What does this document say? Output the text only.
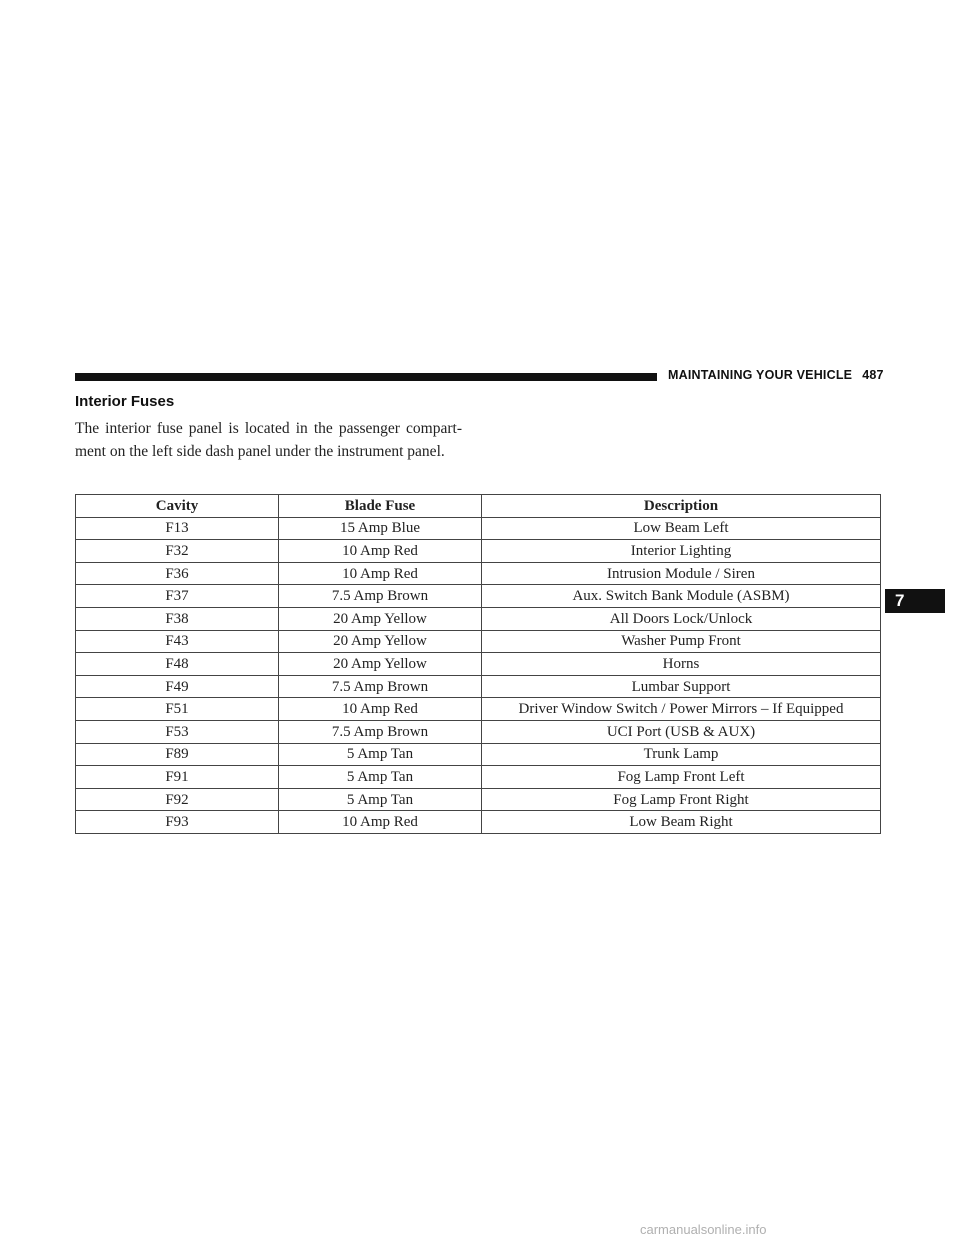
MAINTAINING YOUR VEHICLE 487
Interior Fuses

The interior fuse panel is located in the passenger compart-ment on the left side dash panel under the instrument panel.

Cavity	Blade Fuse	Description
F13	15 Amp Blue	Low Beam Left
F32	10 Amp Red	Interior Lighting
F36	10 Amp Red	Intrusion Module / Siren
F37	7.5 Amp Brown	Aux. Switch Bank Module (ASBM)
F38	20 Amp Yellow	All Doors Lock/Unlock
F43	20 Amp Yellow	Washer Pump Front
F48	20 Amp Yellow	Horns
F49	7.5 Amp Brown	Lumbar Support
F51	10 Amp Red	Driver Window Switch / Power Mirrors – If Equipped
F53	7.5 Amp Brown	UCI Port (USB & AUX)
F89	5 Amp Tan	Trunk Lamp
F91	5 Amp Tan	Fog Lamp Front Left
F92	5 Amp Tan	Fog Lamp Front Right
F93	10 Amp Red	Low Beam Right
7
carmanualsonline.info
